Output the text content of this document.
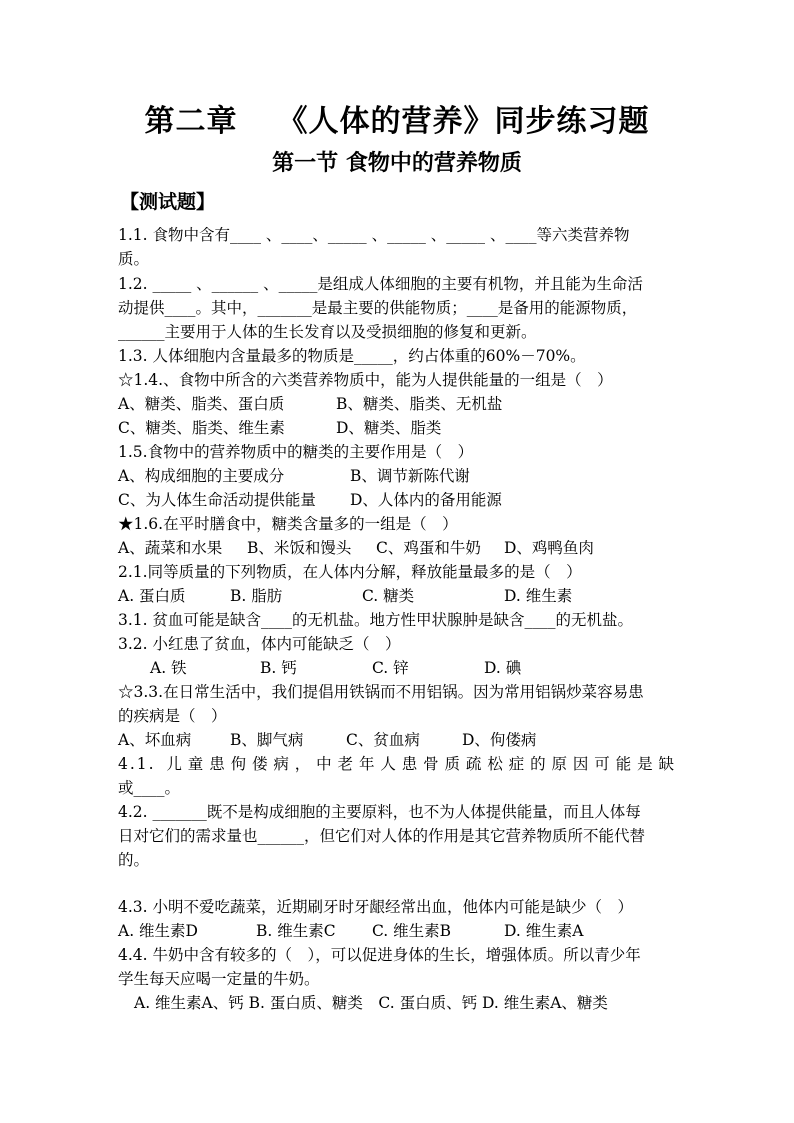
第二章 《人体的营养》同步练习题
第一节 食物中的营养物质
【测试题】
1.1. 食物中含有____ 、____、_____ 、_____ 、_____ 、____等六类营养物
质。
1.2. _____ 、______ 、_____是组成人体细胞的主要有机物，并且能为生命活
动提供____。其中，_______是最主要的供能物质；____是备用的能源物质，
______主要用于人体的生长发育以及受损细胞的修复和更新。
1.3. 人体细胞内含量最多的物质是_____，约占体重的60%－70%。
☆1.4.、食物中所含的六类营养物质中，能为人提供能量的一组是（　）
A、糖类、脂类、蛋白质	B、糖类、脂类、无机盐
C、糖类、脂类、维生素	D、糖类、脂类
1.5.食物中的营养物质中的糖类的主要作用是（　）
A、构成细胞的主要成分	B、调节新陈代谢
C、为人体生命活动提供能量 D、人体内的备用能源
★1.6.在平时膳食中，糖类含量多的一组是（　）
A、蔬菜和水果 B、米饭和馒头 C、鸡蛋和牛奶 D、鸡鸭鱼肉
2.1.同等质量的下列物质，在人体内分解，释放能量最多的是（　）
A. 蛋白质	B. 脂肪	C. 糖类	D. 维生素
3.1. 贫血可能是缺含____的无机盐。地方性甲状腺肿是缺含____的无机盐。
3.2. 小红患了贫血，体内可能缺乏（　）
A. 铁	B. 钙	C. 锌	D. 碘
☆3.3.在日常生活中，我们提倡用铁锅而不用铝锅。因为常用铝锅炒菜容易患
的疾病是（　）
A、坏血病	B、脚气病	C、贫血病	D、佝偻病
4.1. 儿童患佝偻病，中老年人患骨质疏松症的原因可能是缺
或____。
4.2. _______既不是构成细胞的主要原料，也不为人体提供能量，而且人体每
日对它们的需求量也______，但它们对人体的作用是其它营养物质所不能代替
的。
4.3. 小明不爱吃蔬菜，近期刷牙时牙龈经常出血，他体内可能是缺少（　）
A. 维生素D	B. 维生素C C. 维生素B	D. 维生素A
4.4. 牛奶中含有较多的（　），可以促进身体的生长，增强体质。所以青少年
学生每天应喝一定量的牛奶。
A. 维生素A、钙 B. 蛋白质、糖类　C. 蛋白质、钙 D. 维生素A、糖类
